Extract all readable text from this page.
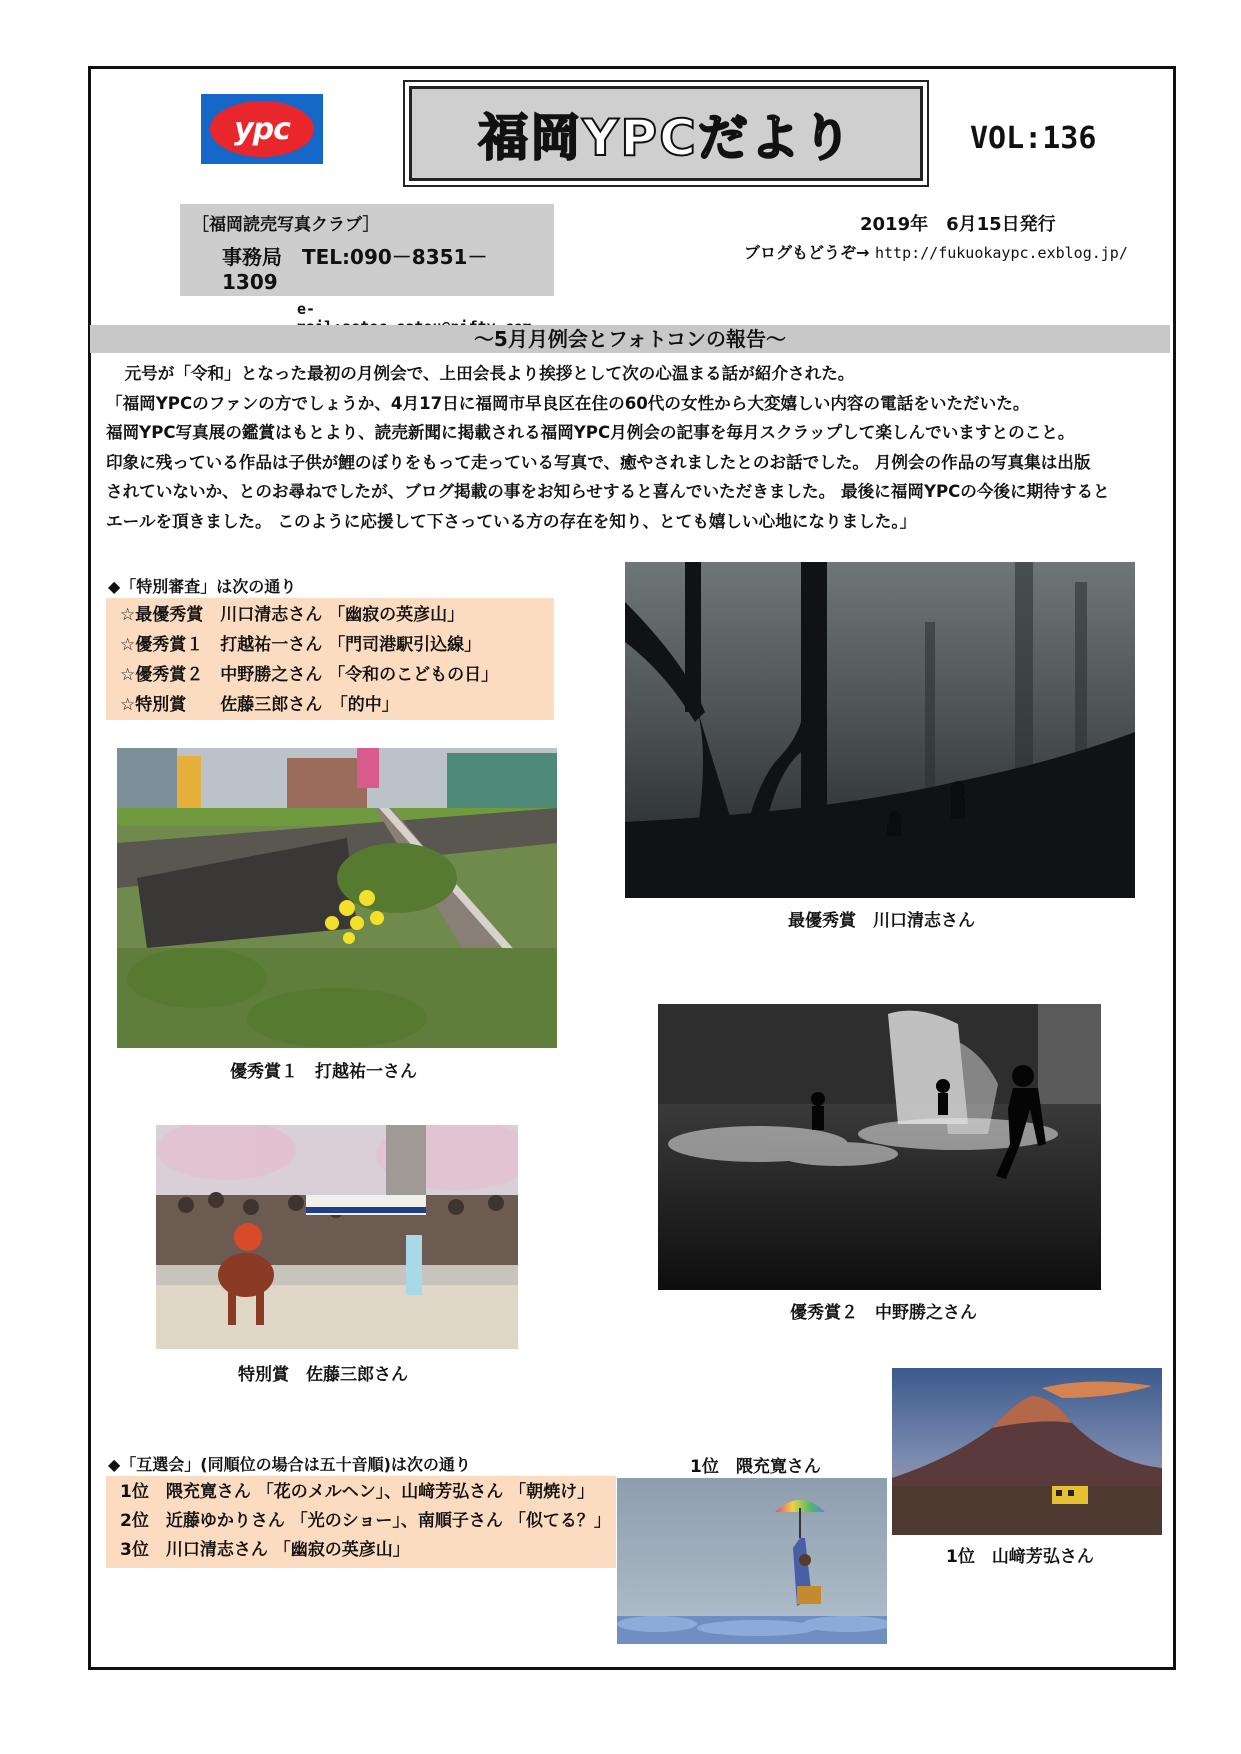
ypc	福岡YPCだより	VOL:136
［福岡読売写真クラブ］
事務局　TEL:090－8351－1309
e-
2019年　6月15日発行
ブログもどうぞ→ http://fukuokaypc.exblog.jp/
～5月月例会とフォトコンの報告～

　元号が「令和」となった最初の月例会で、上田会長より挨拶として次の心温まる話が紹介された。

「福岡YPCのファンの方でしょうか、4月17日に福岡市早良区在住の60代の女性から大変嬉しい内容の電話をいただいた。

福岡YPC写真展の鑑賞はもとより、読売新聞に掲載される福岡YPC月例会の記事を毎月スクラップして楽しんでいますとのこと。

印象に残っている作品は子供が鯉のぼりをもって走っている写真で、癒やされましたとのお話でした。 月例会の作品の写真集は出版

されていないか、とのお尋ねでしたが、ブログ掲載の事をお知らせすると喜んでいただきました。 最後に福岡YPCの今後に期待すると

エールを頂きました。 このように応援して下さっている方の存在を知り、とても嬉しい心地になりました。」

◆「特別審査」は次の通り
☆最優秀賞　川口清志さん 「幽寂の英彦山」
☆優秀賞１　打越祐一さん 「門司港駅引込線」
☆優秀賞２　中野勝之さん 「令和のこどもの日」
☆特別賞　　佐藤三郎さん　「的中」
最優秀賞　川口清志さん
優秀賞１　打越祐一さん
優秀賞２　中野勝之さん
特別賞　佐藤三郎さん
◆「互選会」(同順位の場合は五十音順)は次の通り
1位　隈充寛さん 「花のメルヘン」、山﨑芳弘さん 「朝焼け」
2位　近藤ゆかりさん 「光のショー」、南順子さん 「似てる？」
3位　川口清志さん 「幽寂の英彦山」
1位　隈充寛さん
1位　山﨑芳弘さん
